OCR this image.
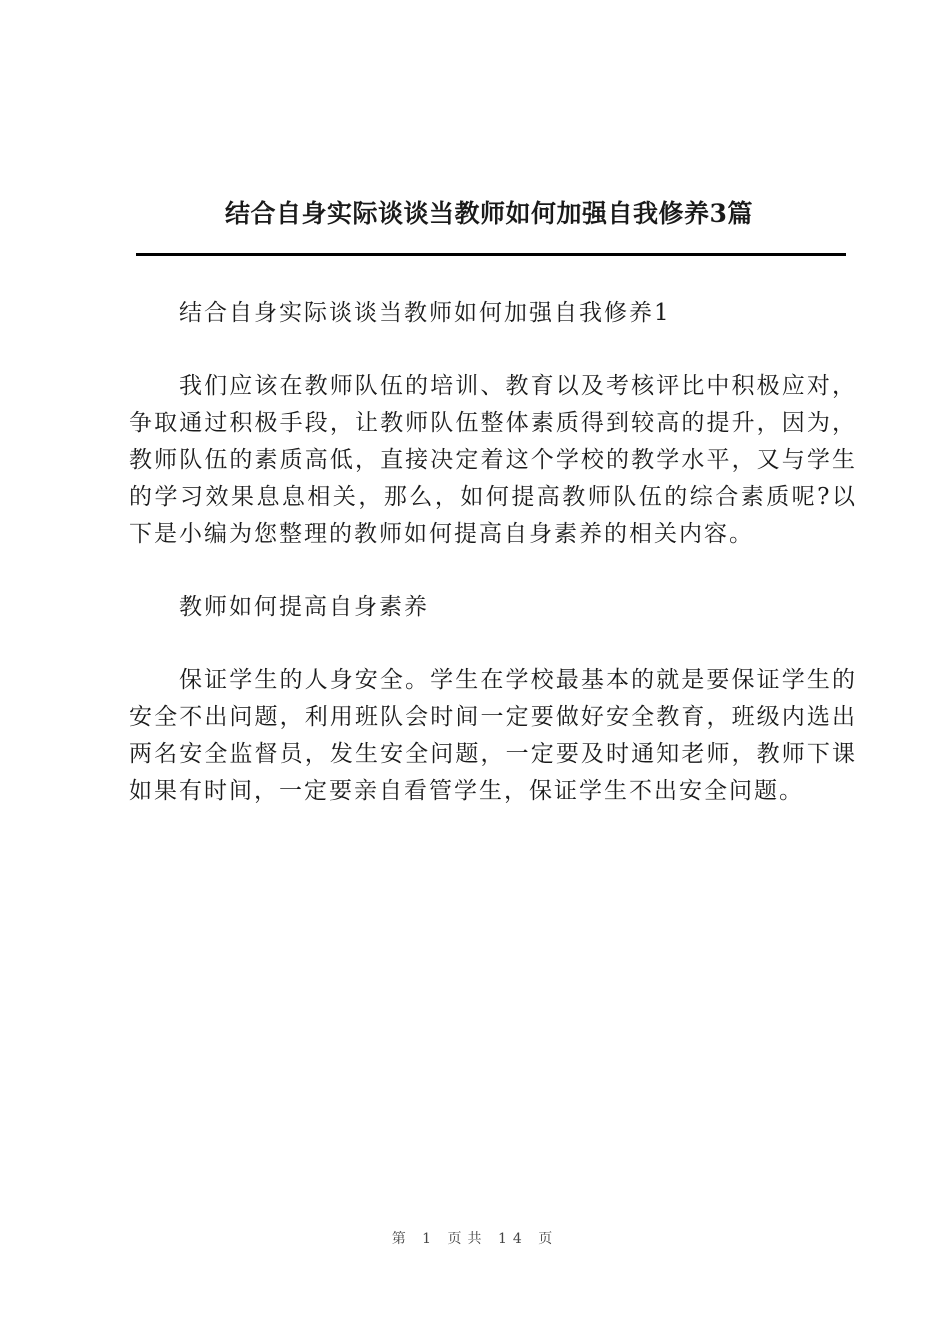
结合自身实际谈谈当教师如何加强自我修养3篇

结合自身实际谈谈当教师如何加强自我修养1

我们应该在教师队伍的培训、教育以及考核评比中积极应对，争取通过积极手段，让教师队伍整体素质得到较高的提升，因为，教师队伍的素质高低，直接决定着这个学校的教学水平，又与学生的学习效果息息相关，那么，如何提高教师队伍的综合素质呢?以下是小编为您整理的教师如何提高自身素养的相关内容。

教师如何提高自身素养

保证学生的人身安全。学生在学校最基本的就是要保证学生的安全不出问题，利用班队会时间一定要做好安全教育，班级内选出两名安全监督员，发生安全问题，一定要及时通知老师，教师下课如果有时间，一定要亲自看管学生，保证学生不出安全问题。

第 1 页共 14 页
